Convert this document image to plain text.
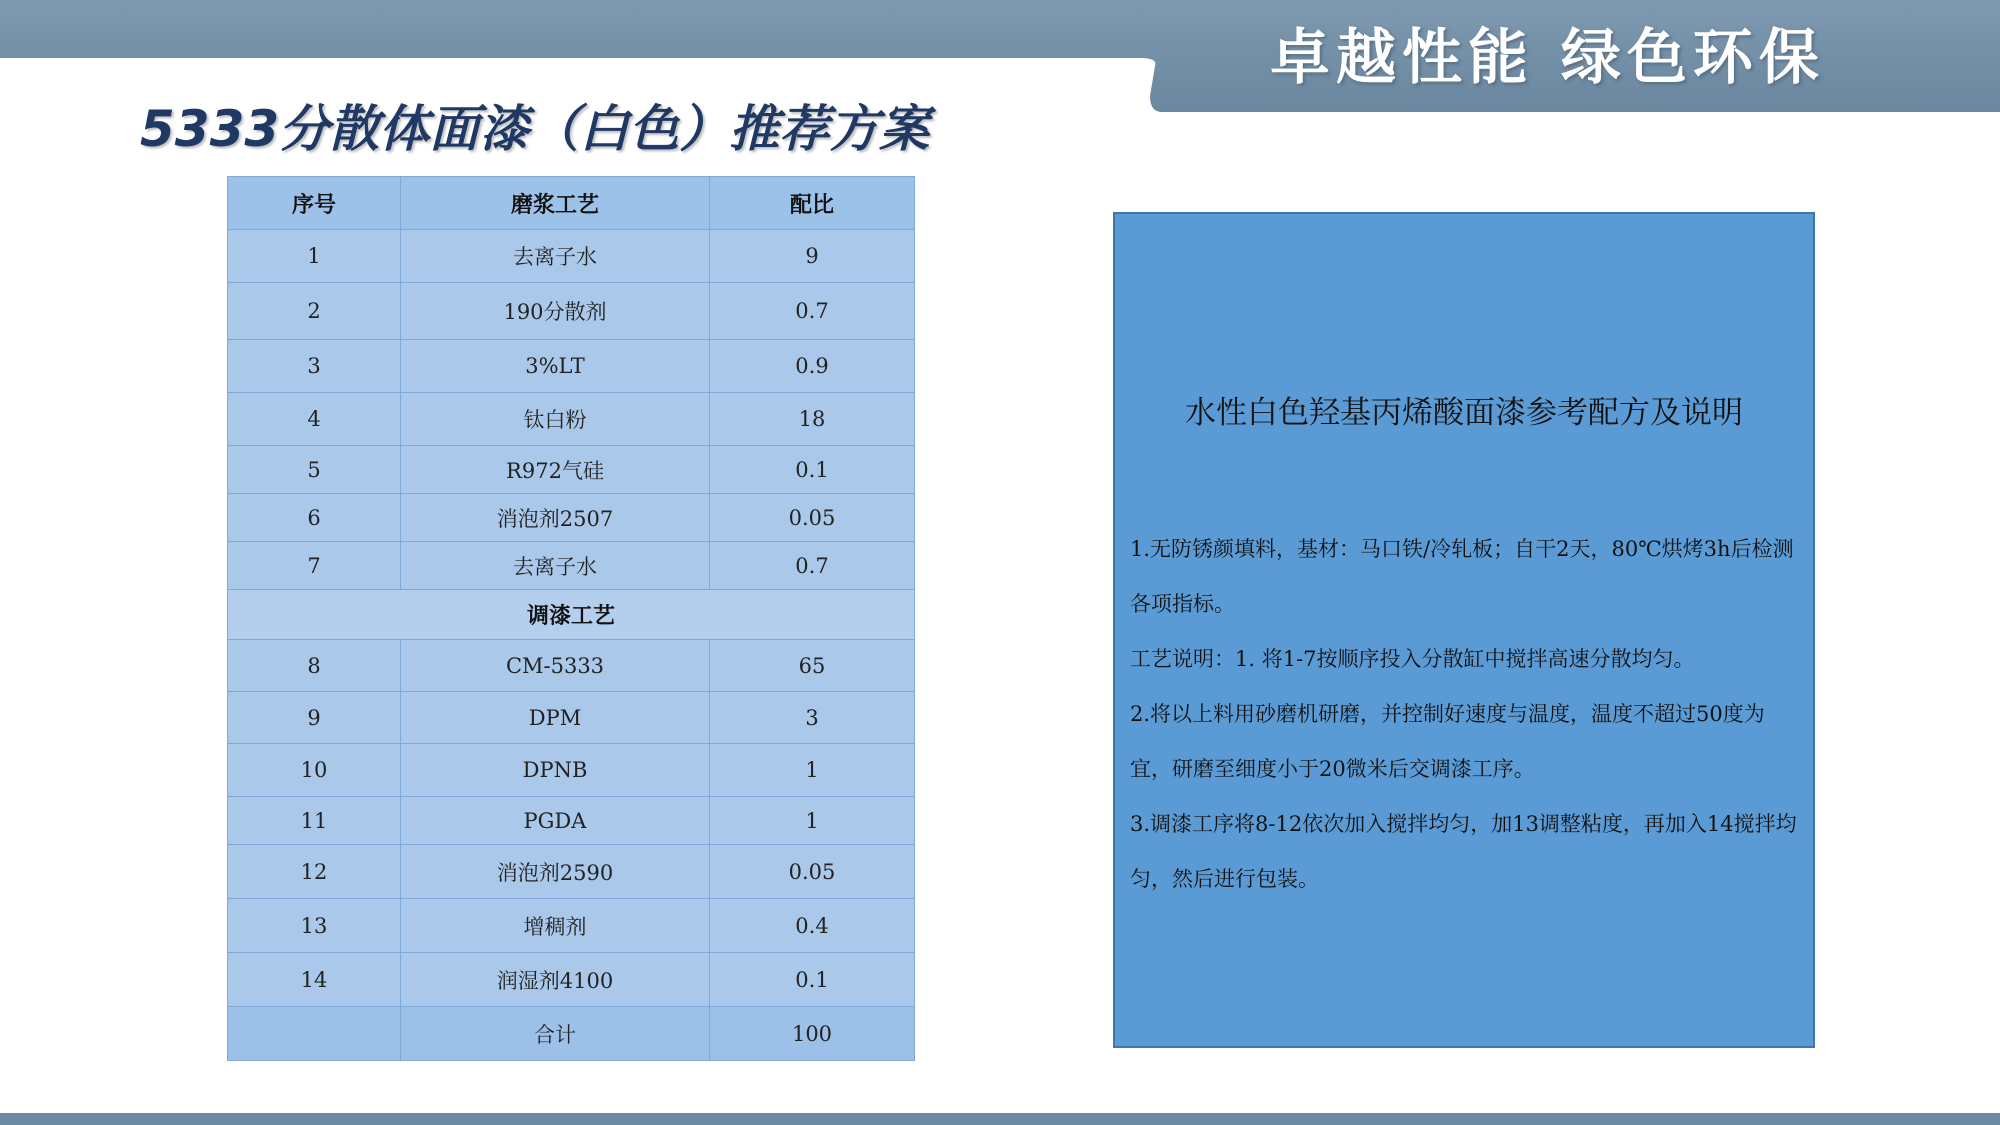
卓越性能 绿色环保
5333分散体面漆（白色）推荐方案
序号	磨浆工艺	配比
1	去离子水	9
2	190分散剂	0.7
3	3%LT	0.9
4	钛白粉	18
5	R972气硅	0.1
6	消泡剂2507	0.05
7	去离子水	0.7
调漆工艺		
8	CM-5333	65
9	DPM	3
10	DPNB	1
11	PGDA	1
12	消泡剂2590	0.05
13	增稠剂	0.4
14	润湿剂4100	0.1
	合计	100
水性白色羟基丙烯酸面漆参考配方及说明

1.无防锈颜填料，基材：马口铁/冷轧板；自干2天，80℃烘烤3h后检测各项指标。

工艺说明：1. 将1-7按顺序投入分散缸中搅拌高速分散均匀。

2.将以上料用砂磨机研磨，并控制好速度与温度，温度不超过50度为宜，研磨至细度小于20微米后交调漆工序。

3.调漆工序将8-12依次加入搅拌均匀，加13调整粘度，再加入14搅拌均匀，然后进行包装。
